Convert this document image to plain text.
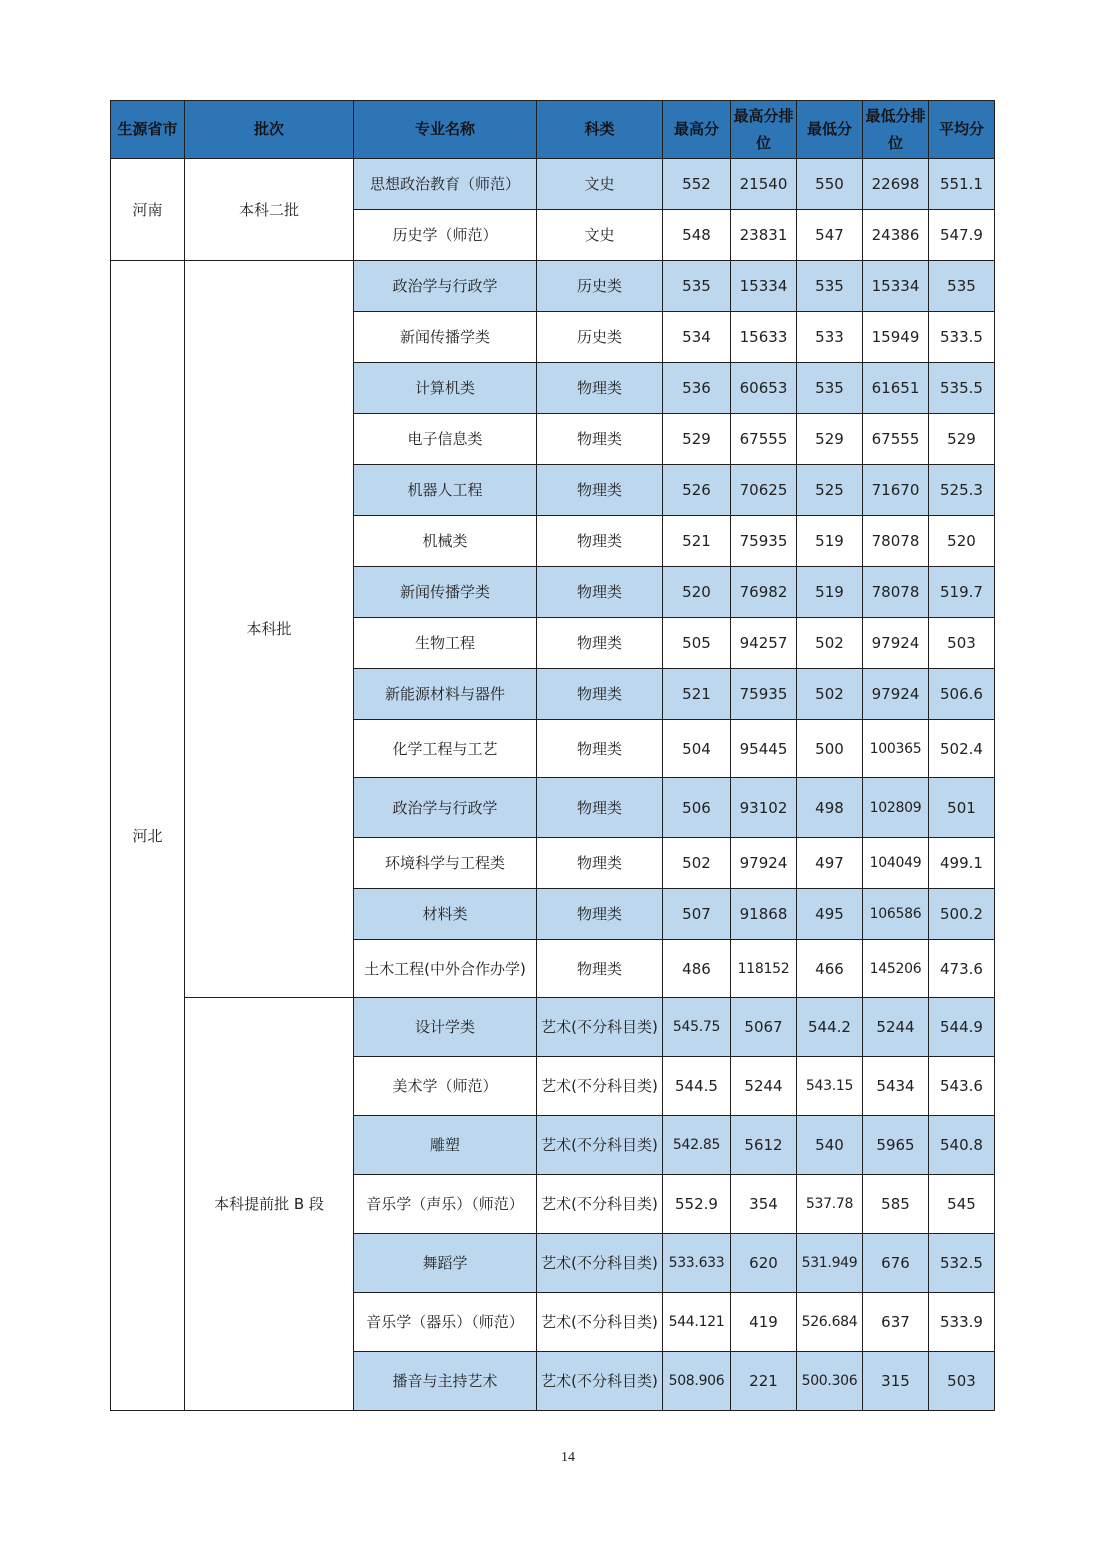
生源省市	批次	专业名称	科类	最高分	最高分排位	最低分	最低分排位	平均分
河南	本科二批	思想政治教育（师范）	文史	552	21540	550	22698	551.1
		历史学（师范）	文史	548	23831	547	24386	547.9
河北	本科批	政治学与行政学	历史类	535	15334	535	15334	535
		新闻传播学类	历史类	534	15633	533	15949	533.5
		计算机类	物理类	536	60653	535	61651	535.5
		电子信息类	物理类	529	67555	529	67555	529
		机器人工程	物理类	526	70625	525	71670	525.3
		机械类	物理类	521	75935	519	78078	520
		新闻传播学类	物理类	520	76982	519	78078	519.7
		生物工程	物理类	505	94257	502	97924	503
		新能源材料与器件	物理类	521	75935	502	97924	506.6
		化学工程与工艺	物理类	504	95445	500	100365	502.4
		政治学与行政学	物理类	506	93102	498	102809	501
		环境科学与工程类	物理类	502	97924	497	104049	499.1
		材料类	物理类	507	91868	495	106586	500.2
		土木工程(中外合作办学)	物理类	486	118152	466	145206	473.6
	本科提前批 B 段	设计学类	艺术(不分科目类)	545.75	5067	544.2	5244	544.9
		美术学（师范）	艺术(不分科目类)	544.5	5244	543.15	5434	543.6
		雕塑	艺术(不分科目类)	542.85	5612	540	5965	540.8
		音乐学（声乐）（师范）	艺术(不分科目类)	552.9	354	537.78	585	545
		舞蹈学	艺术(不分科目类)	533.633	620	531.949	676	532.5
		音乐学（器乐）（师范）	艺术(不分科目类)	544.121	419	526.684	637	533.9
		播音与主持艺术	艺术(不分科目类)	508.906	221	500.306	315	503
14
